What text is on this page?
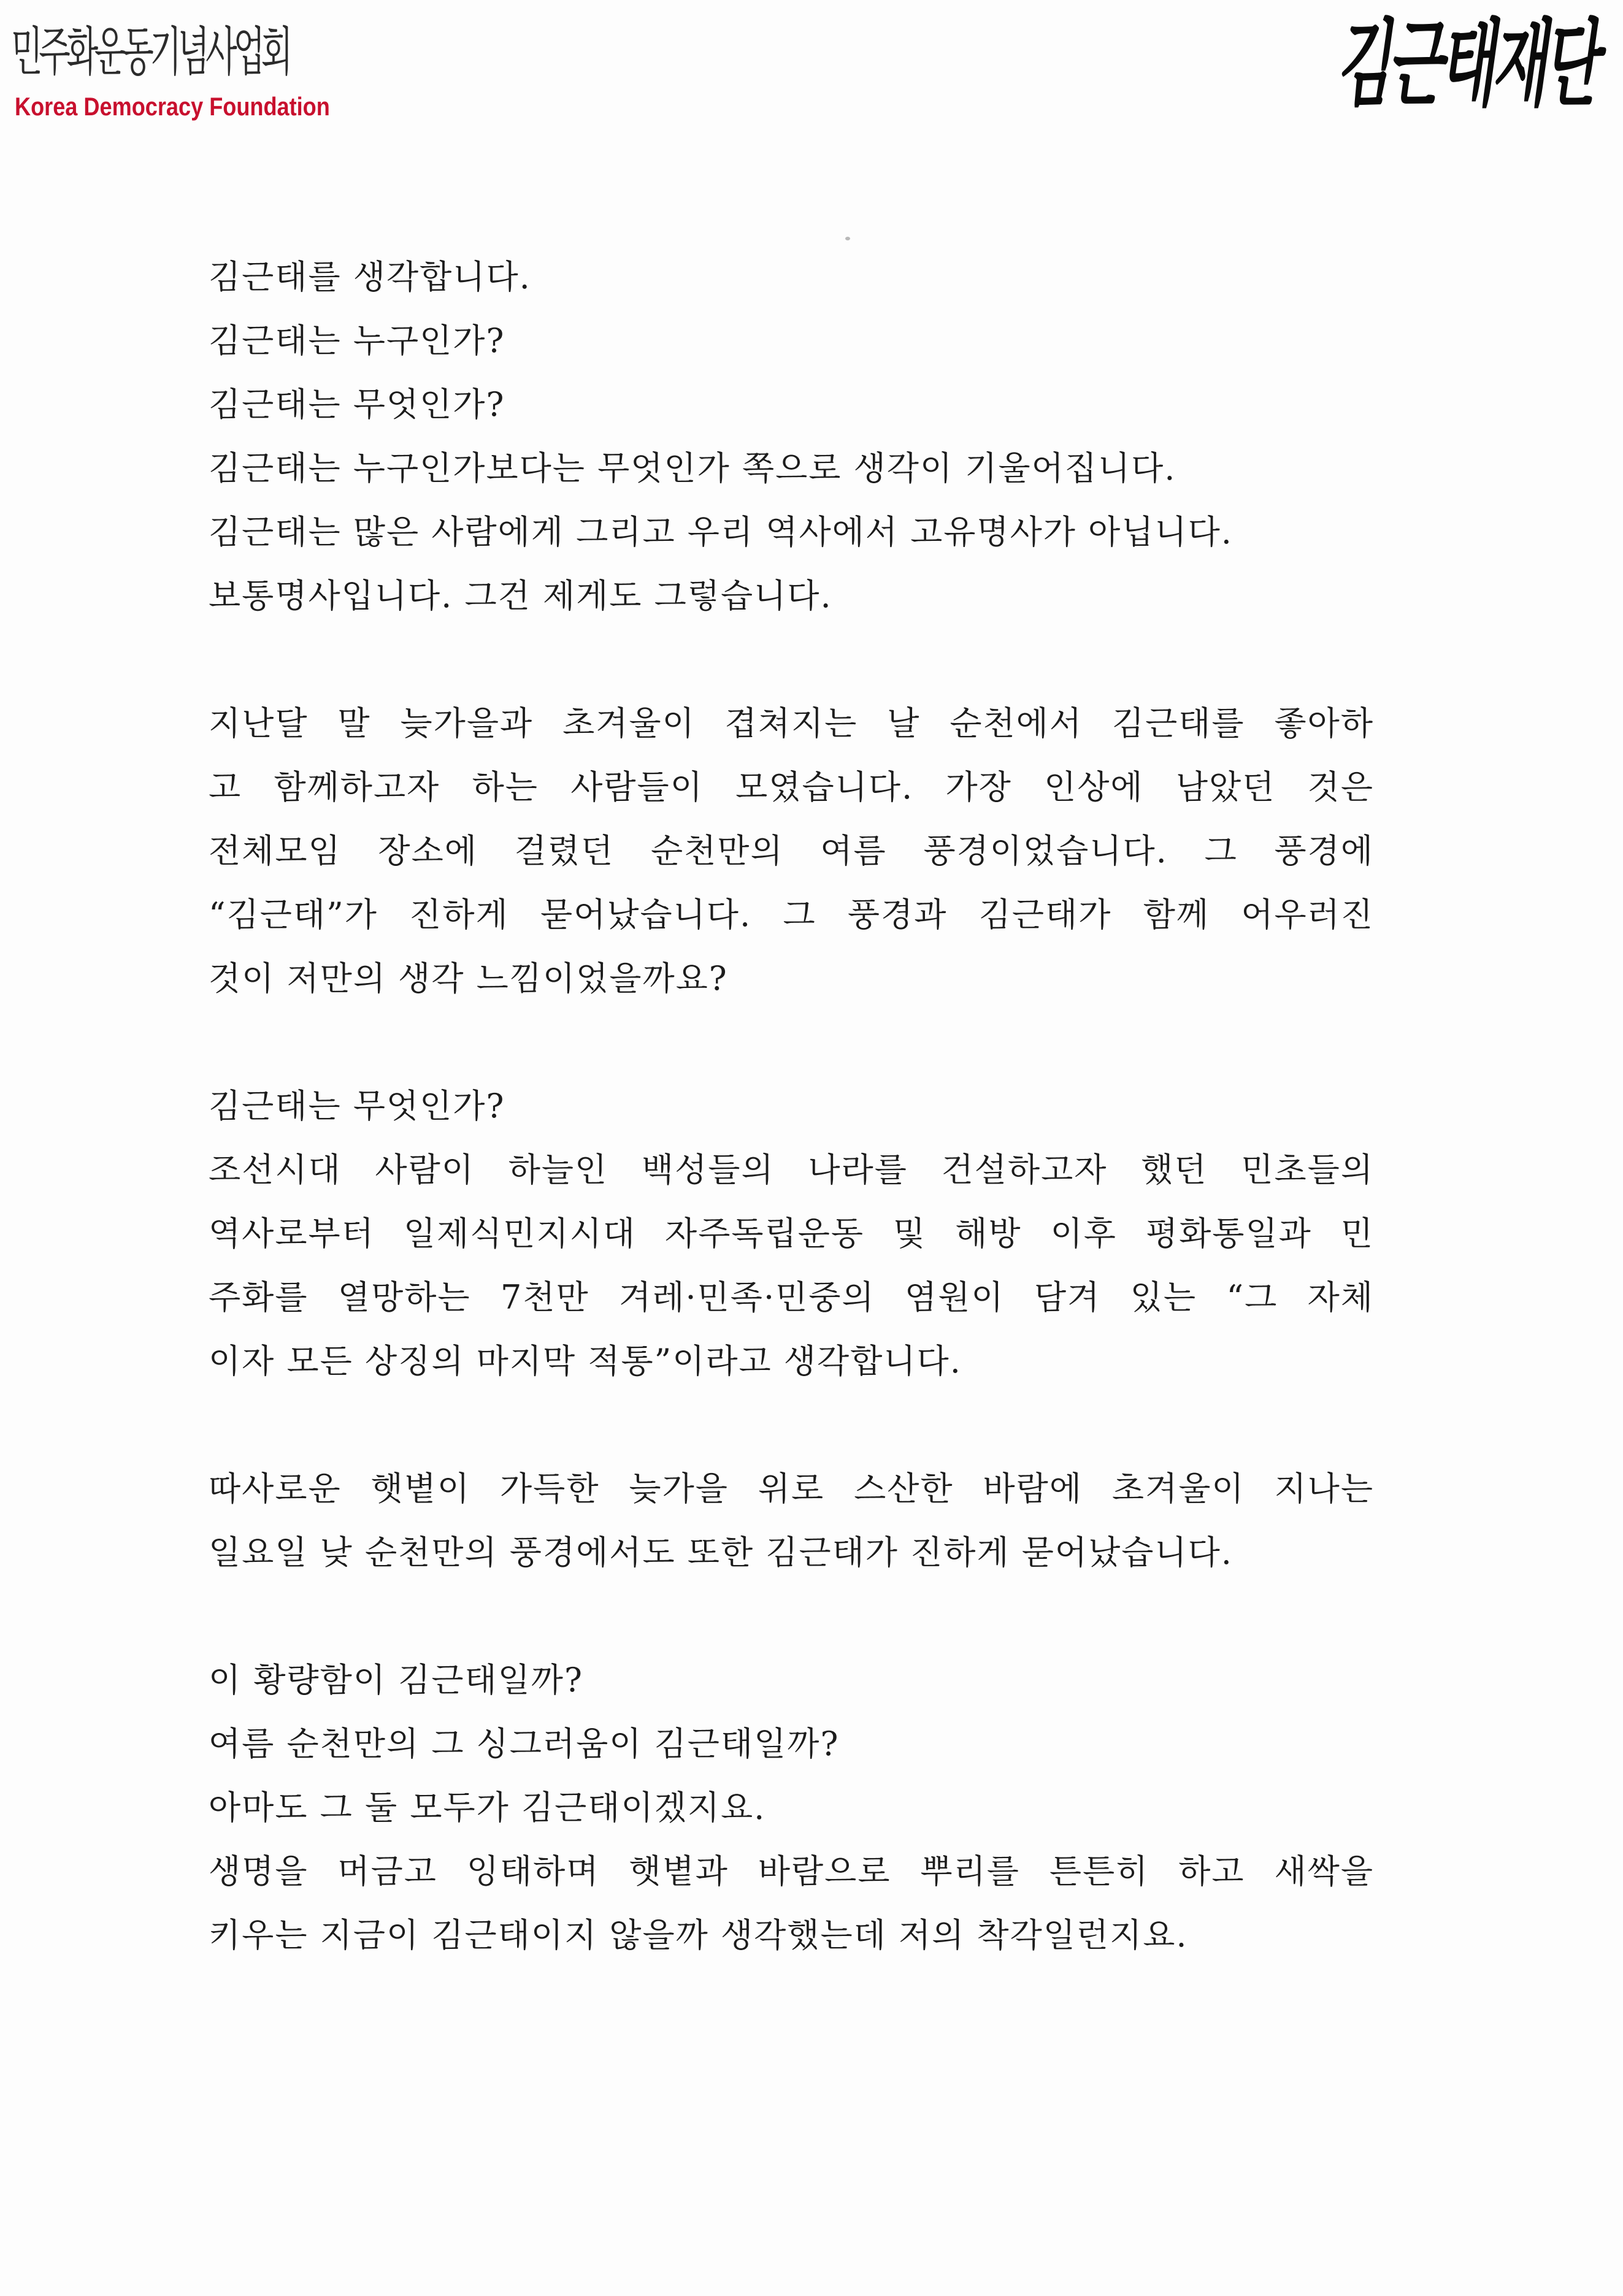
민주화운동기념사업회
Korea Democracy Foundation	김근태재단
김근태를 생각합니다.
김근태는 누구인가?
김근태는 무엇인가?
김근태는 누구인가보다는 무엇인가 쪽으로 생각이 기울어집니다.
김근태는 많은 사람에게 그리고 우리 역사에서 고유명사가 아닙니다.
보통명사입니다. 그건 제게도 그렇습니다.
지난달 말 늦가을과 초겨울이 겹쳐지는 날 순천에서 김근태를 좋아하
고 함께하고자 하는 사람들이 모였습니다. 가장 인상에 남았던 것은
전체모임 장소에 걸렸던 순천만의 여름 풍경이었습니다. 그 풍경에
“김근태”가 진하게 묻어났습니다. 그 풍경과 김근태가 함께 어우러진
것이 저만의 생각 느낌이었을까요?
김근태는 무엇인가?
조선시대 사람이 하늘인 백성들의 나라를 건설하고자 했던 민초들의
역사로부터 일제식민지시대 자주독립운동 및 해방 이후 평화통일과 민
주화를 열망하는 7천만 겨레·민족·민중의 염원이 담겨 있는 “그 자체
이자 모든 상징의 마지막 적통”이라고 생각합니다.
따사로운 햇볕이 가득한 늦가을 위로 스산한 바람에 초겨울이 지나는
일요일 낮 순천만의 풍경에서도 또한 김근태가 진하게 묻어났습니다.
이 황량함이 김근태일까?
여름 순천만의 그 싱그러움이 김근태일까?
아마도 그 둘 모두가 김근태이겠지요.
생명을 머금고 잉태하며 햇볕과 바람으로 뿌리를 튼튼히 하고 새싹을
키우는 지금이 김근태이지 않을까 생각했는데 저의 착각일런지요.
